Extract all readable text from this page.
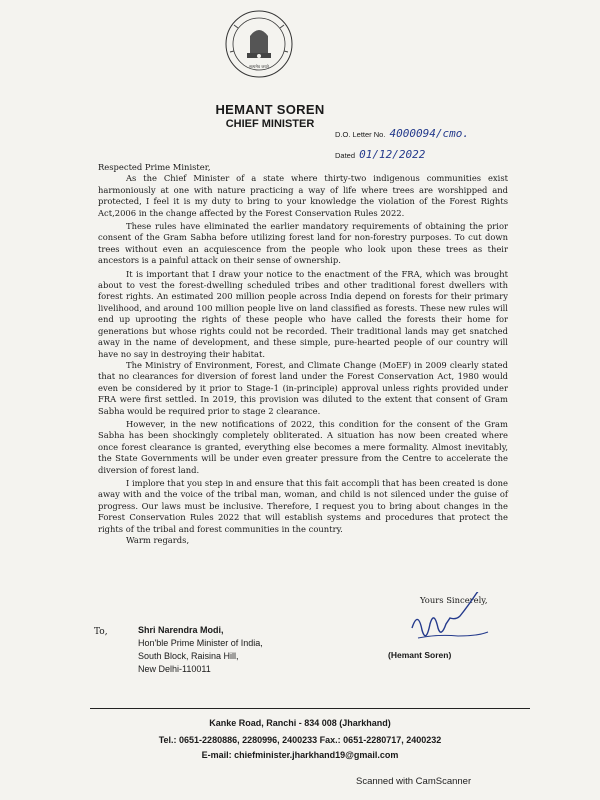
सत्यमेव जयते
HEMANT SOREN
CHIEF MINISTER
D.O. Letter No. 4000094/cmo.
Dated 01/12/2022

Respected Prime Minister,

As the Chief Minister of a state where thirty-two indigenous communities exist harmoniously at one with nature practicing a way of life where trees are worshipped and protected, I feel it is my duty to bring to your knowledge the violation of the Forest Rights Act,2006 in the change affected by the Forest Conservation Rules 2022.

These rules have eliminated the earlier mandatory requirements of obtaining the prior consent of the Gram Sabha before utilizing forest land for non-forestry purposes. To cut down trees without even an acquiescence from the people who look upon these trees as their ancestors is a painful attack on their sense of ownership.

It is important that I draw your notice to the enactment of the FRA, which was brought about to vest the forest-dwelling scheduled tribes and other traditional forest dwellers with forest rights. An estimated 200 million people across India depend on forests for their primary livelihood, and around 100 million people live on land classified as forests. These new rules will end up uprooting the rights of these people who have called the forests their home for generations but whose rights could not be recorded. Their traditional lands may get snatched away in the name of development, and these simple, pure-hearted people of our country will have no say in destroying their habitat.

The Ministry of Environment, Forest, and Climate Change (MoEF) in 2009 clearly stated that no clearances for diversion of forest land under the Forest Conservation Act, 1980 would even be considered by it prior to Stage-1 (in-principle) approval unless rights provided under FRA were first settled. In 2019, this provision was diluted to the extent that consent of Gram Sabha would be required prior to stage 2 clearance.

However, in the new notifications of 2022, this condition for the consent of the Gram Sabha has been shockingly completely obliterated. A situation has now been created where once forest clearance is granted, everything else becomes a mere formality. Almost inevitably, the State Governments will be under even greater pressure from the Centre to accelerate the diversion of forest land.

I implore that you step in and ensure that this fait accompli that has been created is done away with and the voice of the tribal man, woman, and child is not silenced under the guise of progress. Our laws must be inclusive. Therefore, I request you to bring about changes in the Forest Conservation Rules 2022 that will establish systems and procedures that protect the rights of the tribal and forest communities in the country.

Warm regards,

To,	Shri Narendra Modi,
Hon'ble Prime Minister of India,
South Block, Raisina Hill,
New Delhi-110011
Yours Sincerely,
(Hemant Soren)
Kanke Road, Ranchi - 834 008 (Jharkhand)
Tel.: 0651-2280886, 2280996, 2400233 Fax.: 0651-2280717, 2400232
E-mail: chiefminister.jharkhand19@gmail.com
Scanned with CamScanner
